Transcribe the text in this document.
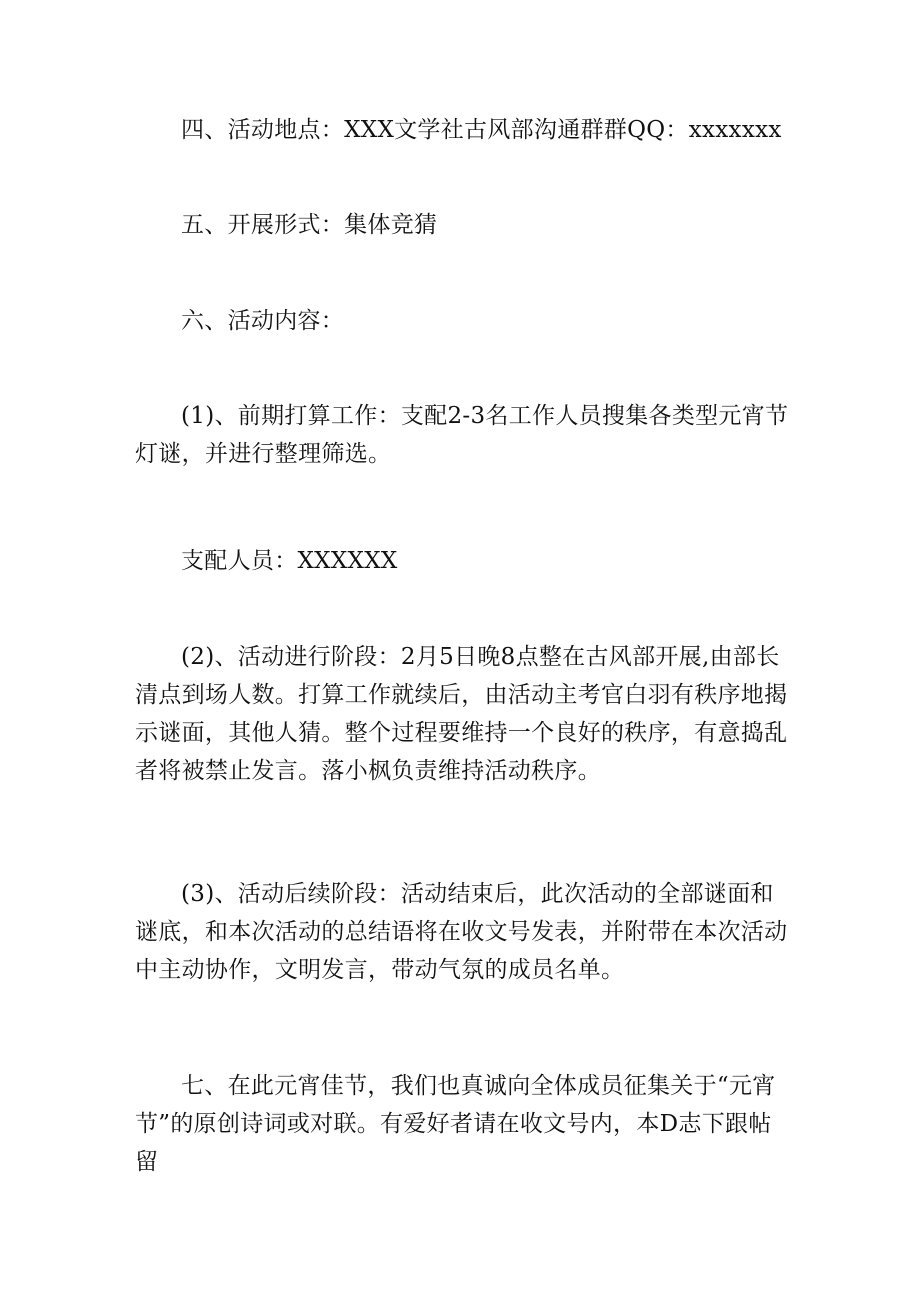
四、活动地点：XXX文学社古风部沟通群群QQ：xxxxxxx

五、开展形式：集体竞猜

六、活动内容：

(1)、前期打算工作：支配2-3名工作人员搜集各类型元宵节灯谜，并进行整理筛选。

支配人员：XXXXXX

(2)、活动进行阶段：2月5日晚8点整在古风部开展,由部长清点到场人数。打算工作就续后，由活动主考官白羽有秩序地揭示谜面，其他人猜。整个过程要维持一个良好的秩序，有意捣乱者将被禁止发言。落小枫负责维持活动秩序。

(3)、活动后续阶段：活动结束后，此次活动的全部谜面和谜底，和本次活动的总结语将在收文号发表，并附带在本次活动中主动协作，文明发言，带动气氛的成员名单。

七、在此元宵佳节，我们也真诚向全体成员征集关于“元宵节”的原创诗词或对联。有爱好者请在收文号内，本D志下跟帖留
